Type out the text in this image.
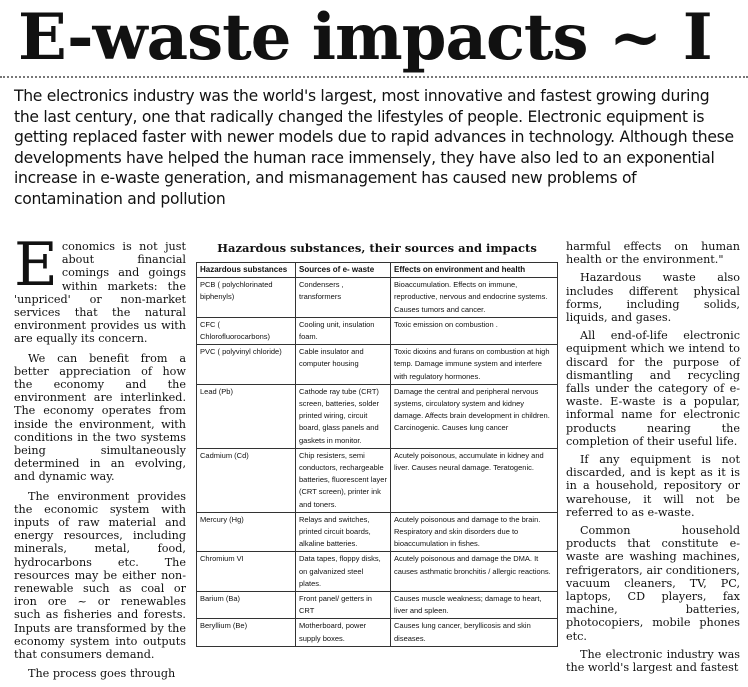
E-waste impacts ~ I

The electronics industry was the world's largest, most innovative and fastest growing during the last century, one that radically changed the lifestyles of people. Electronic equipment is getting replaced faster with newer models due to rapid advances in technology. Although these developments have helped the human race immensely, they have also led to an exponential increase in e-waste generation, and mismanagement has caused new problems of contamination and pollution

Economics is not just about financial comings and goings within markets: the 'unpriced' or non-market services that the natural environment provides us with are equally its concern.

We can benefit from a better appreciation of how the economy and the environment are interlinked. The economy operates from inside the environment, with conditions in the two systems being simultaneously determined in an evolving, and dynamic way.

The environment provides the economic system with inputs of raw material and energy resources, including minerals, metal, food, hydrocarbons etc. The resources may be either non-renewable such as coal or iron ore ~ or renewables such as fisheries and forests. Inputs are transformed by the economy system into outputs that consumers demand.

The process goes through

Hazardous substances, their sources and impacts

Hazardous substances	Sources of e- waste	Effects on environment and health
PCB ( polychlorinated biphenyls)	Condensers , transformers	Bioaccumulation. Effects on immune, reproductive, nervous and endocrine systems. Causes tumors and cancer.
CFC ( Chlorofluorocarbons)	Cooling unit, insulation foam.	Toxic emission on combustion .
PVC ( polyvinyl chloride)	Cable insulator and computer housing	Toxic dioxins and furans on combustion at high temp. Damage immune system and interfere with regulatory hormones.
Lead (Pb)	Cathode ray tube (CRT) screen, batteries, solder printed wiring, circuit board, glass panels and gaskets in monitor.	Damage the central and peripheral nervous systems, circulatory system and kidney damage. Affects brain development in children. Carcinogenic. Causes lung cancer
Cadmium (Cd)	Chip resisters, semi conductors, rechargeable batteries, fluorescent layer (CRT screen), printer ink and toners.	Acutely poisonous, accumulate in kidney and liver. Causes neural damage. Teratogenic.
Mercury (Hg)	Relays and switches, printed circuit boards, alkaline batteries.	Acutely poisonous and damage to the brain. Respiratory and skin disorders due to bioaccumulation in fishes.
Chromium VI	Data tapes, floppy disks, on galvanized steel plates.	Acutely poisonous and damage the DMA. It causes asthmatic bronchitis / allergic reactions.
Barium (Ba)	Front panel/ getters in CRT	Causes muscle weakness; damage to heart, liver and spleen.
Beryllium (Be)	Motherboard, power supply boxes.	Causes lung cancer, beryllicosis and skin diseases.

harmful effects on human health or the environment."

Hazardous waste also includes different physical forms, including solids, liquids, and gases.

All end-of-life electronic equipment which we intend to discard for the purpose of dismantling and recycling falls under the category of e-waste. E-waste is a popular, informal name for electronic products nearing the completion of their useful life.

If any equipment is not discarded, and is kept as it is in a household, repository or warehouse, it will not be referred to as e-waste.

Common household products that constitute e-waste are washing machines, refrigerators, air conditioners, vacuum cleaners, TV, PC, laptops, CD players, fax machine, batteries, photocopiers, mobile phones etc.

The electronic industry was the world's largest and fastest
